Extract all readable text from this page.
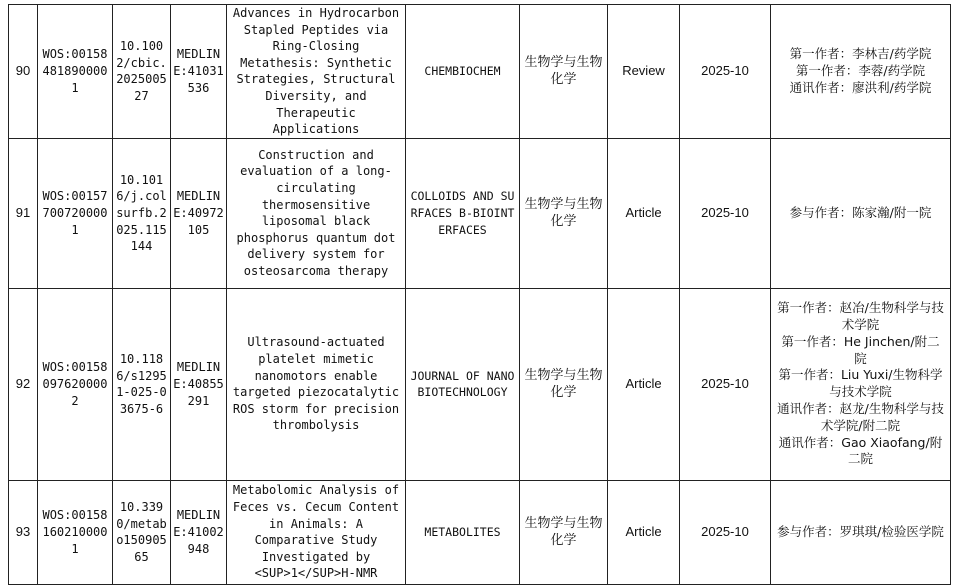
90	WOS:001584818900001	10.1002/cbic.202500527	MEDLINE:41031536	Advances in Hydrocarbon Stapled Peptides via Ring-Closing Metathesis: Synthetic Strategies, Structural Diversity, and Therapeutic Applications	CHEMBIOCHEM	生物学与生物化学	Review	2025-10	第一作者：李林吉/药学院
第一作者：李蓉/药学院
通讯作者：廖洪利/药学院

91	WOS:001577007200001	10.1016/j.colsurfb.2025.115144	MEDLINE:40972105	Construction and evaluation of a long-circulating thermosensitive liposomal black phosphorus quantum dot delivery system for osteosarcoma therapy	COLLOIDS AND SURFACES B-BIOINTERFACES	生物学与生物化学	Article	2025-10	参与作者：陈家瀚/附一院

92	WOS:001580976200002	10.1186/s12951-025-03675-6	MEDLINE:40855291	Ultrasound-actuated platelet mimetic nanomotors enable targeted piezocatalytic ROS storm for precision thrombolysis	JOURNAL OF NANOBIOTECHNOLOGY	生物学与生物化学	Article	2025-10	第一作者：赵冶/生物科学与技术学院
第一作者：He Jinchen/附二院
第一作者：Liu Yuxi/生物科学与技术学院
通讯作者：赵龙/生物科学与技术学院/附二院
通讯作者：Gao Xiaofang/附二院

93	WOS:001581602100001	10.3390/metabo15090565	MEDLINE:41002948	Metabolomic Analysis of Feces vs. Cecum Content in Animals: A Comparative Study Investigated by <SUP>1</SUP>H-NMR	METABOLITES	生物学与生物化学	Article	2025-10	参与作者：罗琪琪/检验医学院
